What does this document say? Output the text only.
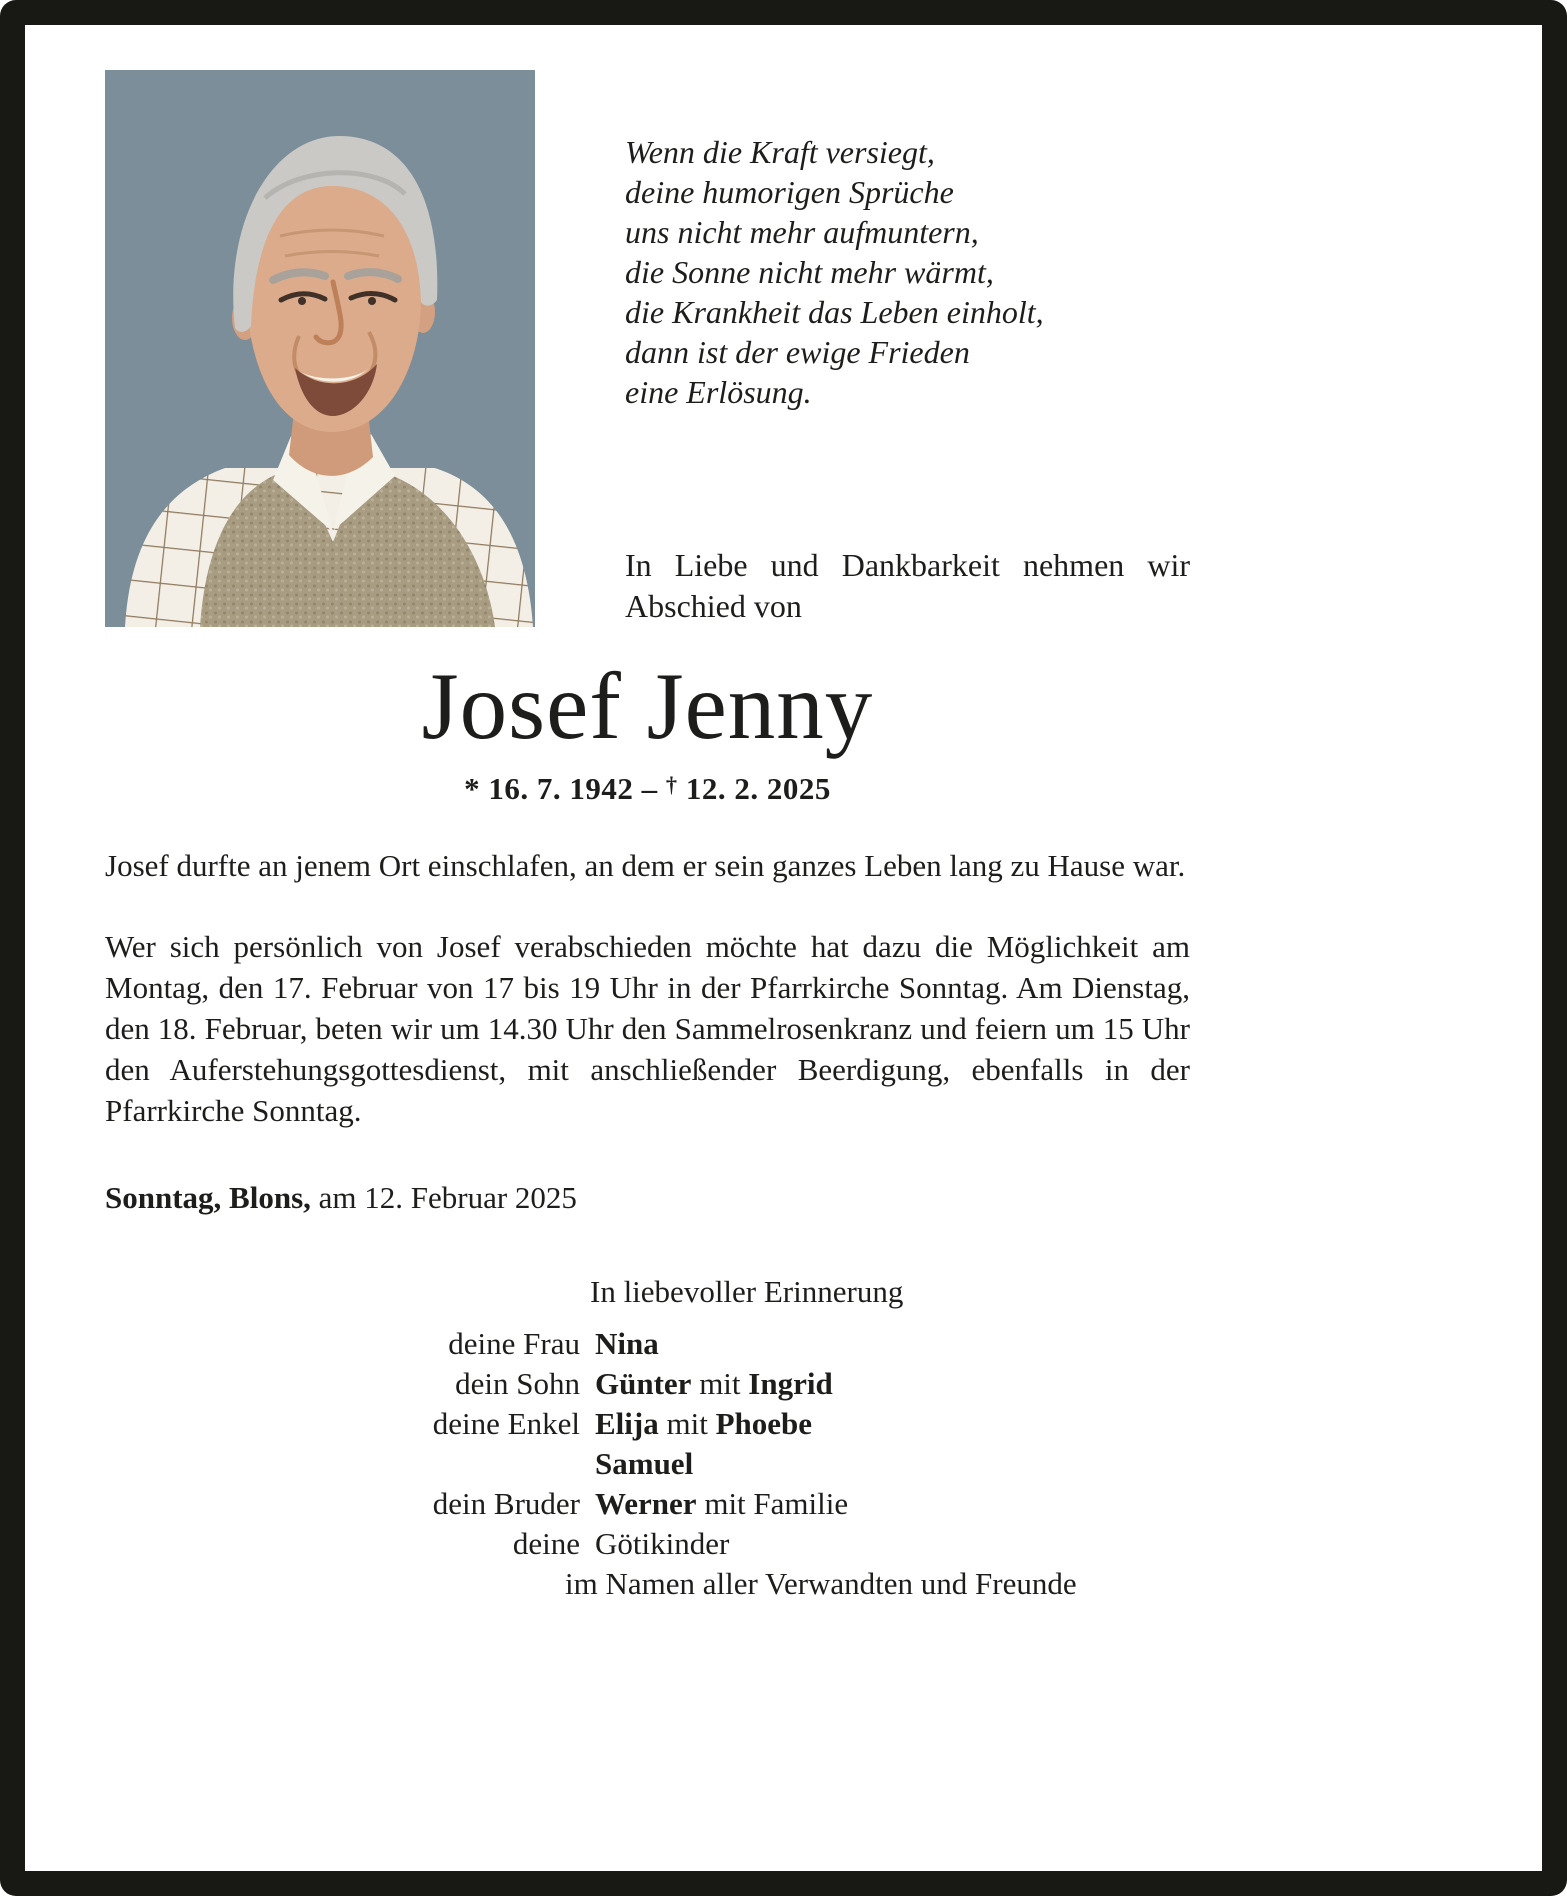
Wenn die Kraft versiegt,
deine humorigen Sprüche
uns nicht mehr aufmuntern,
die Sonne nicht mehr wärmt,
die Krankheit das Leben einholt,
dann ist der ewige Frieden
eine Erlösung.
In Liebe und Dankbarkeit nehmen wir Abschied von
Josef Jenny
* 16. 7. 1942 – † 12. 2. 2025

Josef durfte an jenem Ort einschlafen, an dem er sein ganzes Leben lang zu Hause war.

Wer sich persönlich von Josef verabschieden möchte hat dazu die Möglichkeit am Montag, den 17. Februar von 17 bis 19 Uhr in der Pfarrkirche Sonntag. Am Dienstag, den 18. Februar, beten wir um 14.30 Uhr den Sammelrosenkranz und feiern um 15 Uhr den Auferstehungsgottesdienst, mit anschließender Beerdigung, ebenfalls in der Pfarrkirche Sonntag.

Sonntag, Blons, am 12. Februar 2025

In liebevoller Erinnerung
deine Frau Nina
dein Sohn Günter mit Ingrid
deine Enkel Elija mit Phoebe
Samuel
dein Bruder Werner mit Familie
deine Götikinder
im Namen aller Verwandten und Freunde
